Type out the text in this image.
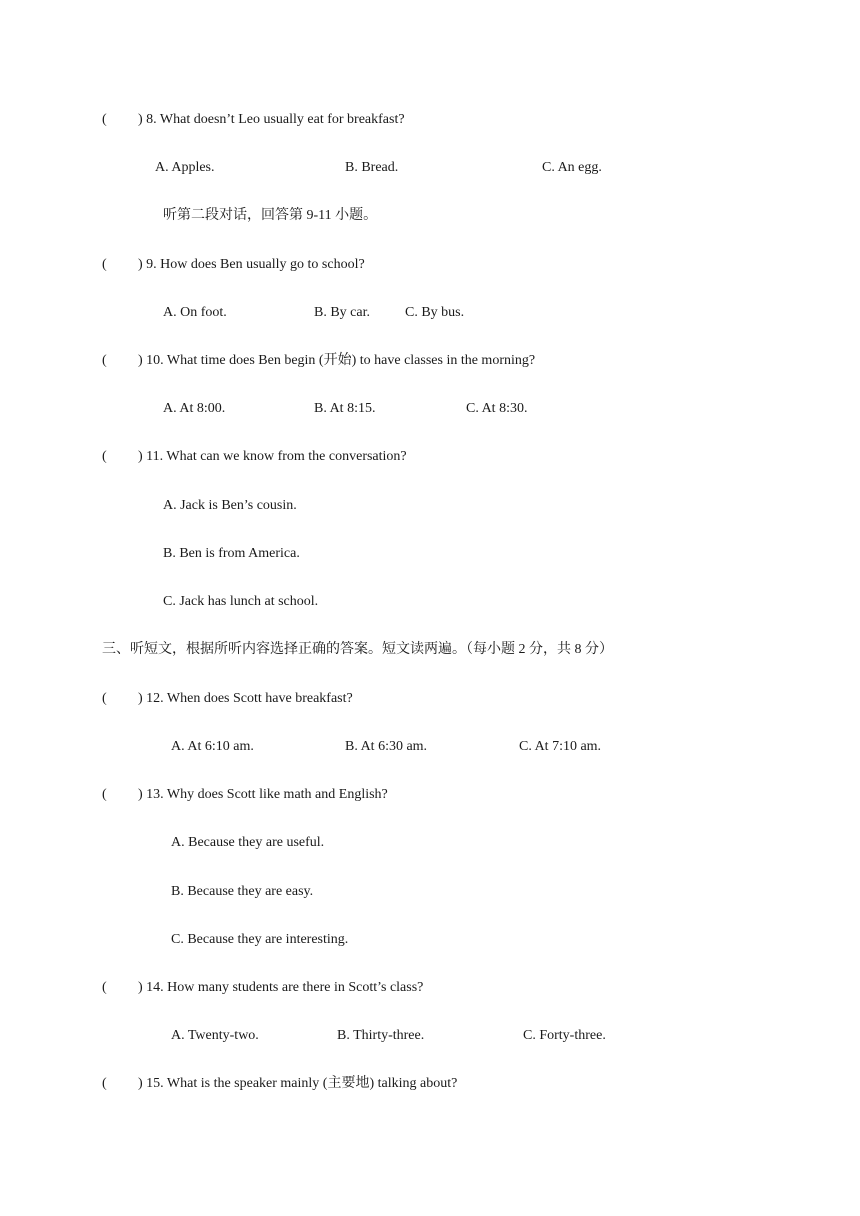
( ) 8. What doesn’t Leo usually eat for breakfast?
A. Apples.	B. Bread.	C. An egg.
听第二段对话，回答第 9-11 小题。
( ) 9. How does Ben usually go to school?
A. On foot.	B. By car.	C. By bus.
( ) 10. What time does Ben begin (开始) to have classes in the morning?
A. At 8:00.	B. At 8:15.	C. At 8:30.
( ) 11. What can we know from the conversation?
A. Jack is Ben’s cousin.
B. Ben is from America.
C. Jack has lunch at school.
三、听短文，根据所听内容选择正确的答案。短文读两遍。（每小题 2 分，共 8 分）
( ) 12. When does Scott have breakfast?
A. At 6:10 am.	B. At 6:30 am.	C. At 7:10 am.
( ) 13. Why does Scott like math and English?
A. Because they are useful.
B. Because they are easy.
C. Because they are interesting.
( ) 14. How many students are there in Scott’s class?
A. Twenty-two.	B. Thirty-three.	C. Forty-three.
( ) 15. What is the speaker mainly (主要地) talking about?
